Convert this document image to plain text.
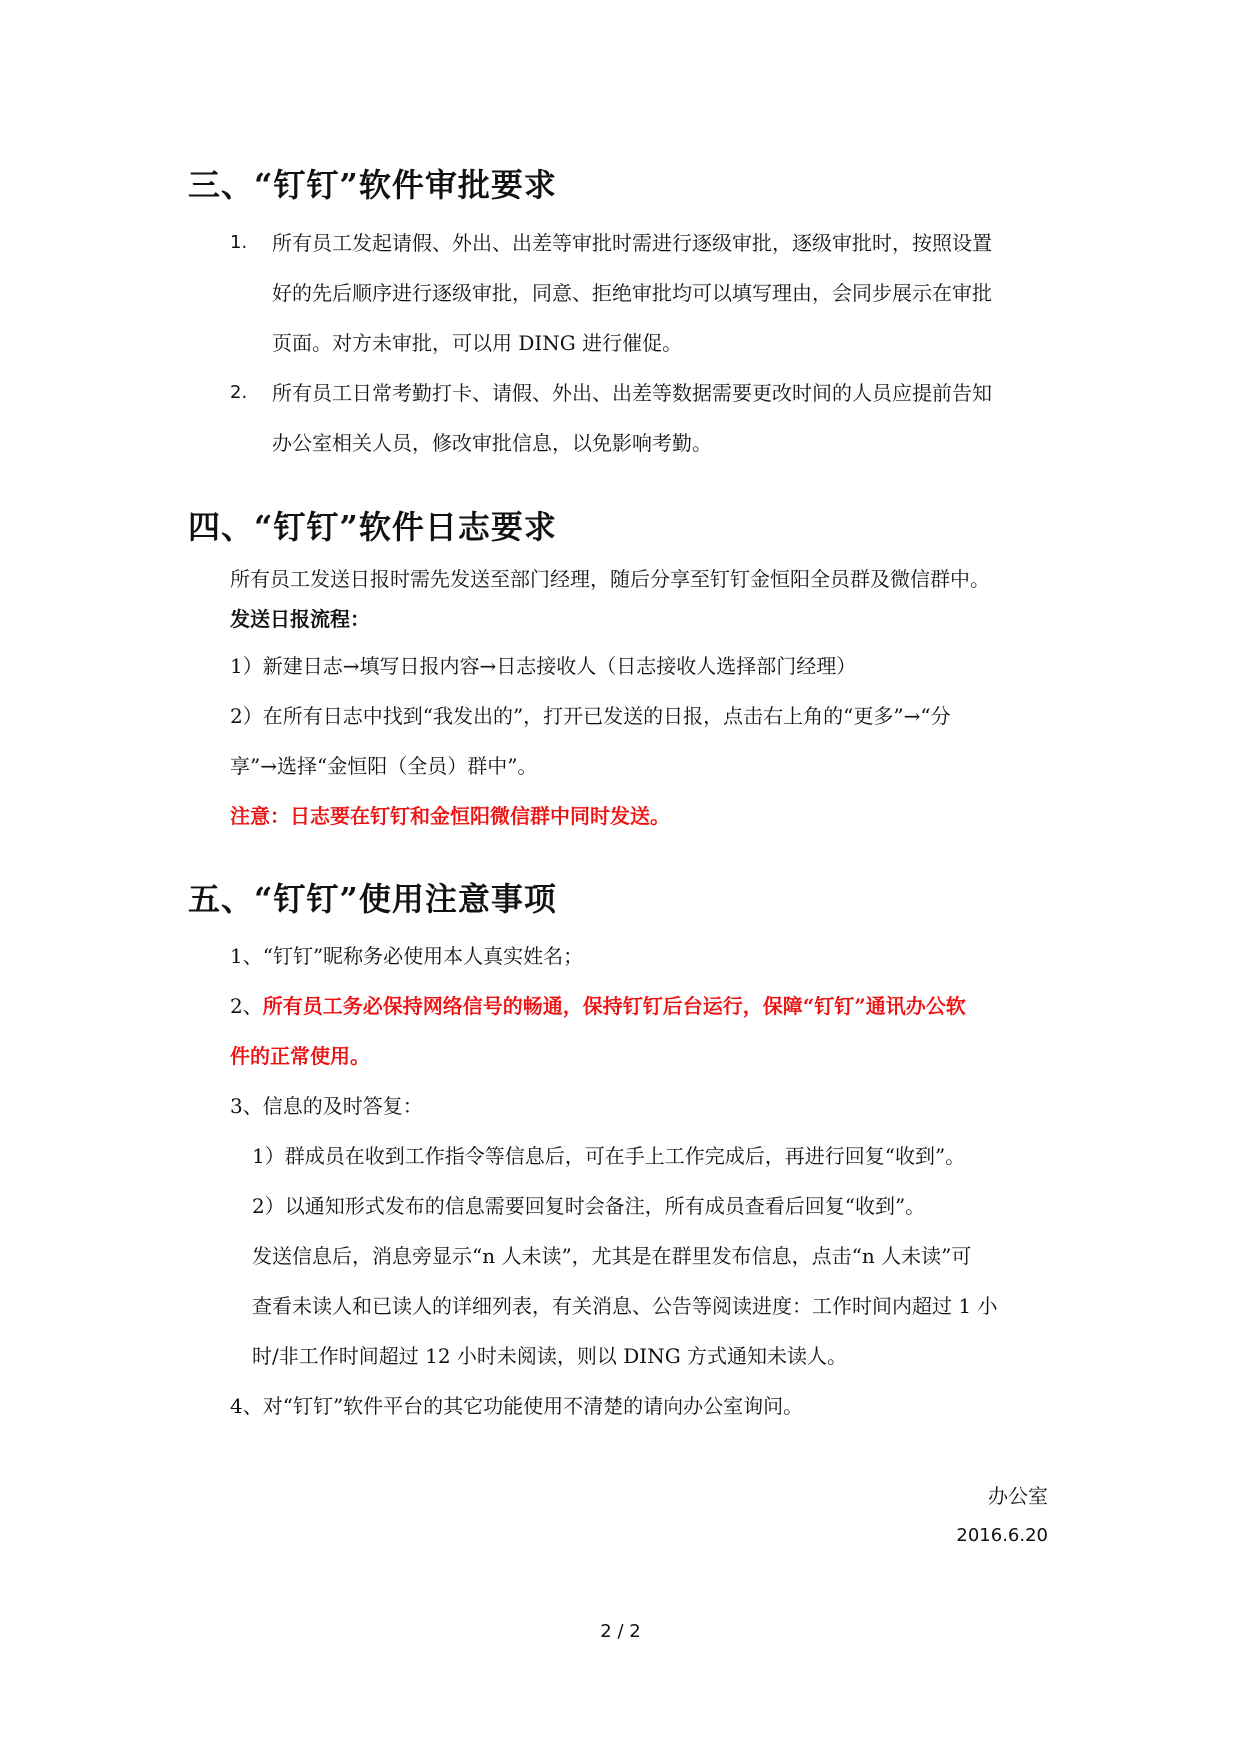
三、“钉钉”软件审批要求
1. 所有员工发起请假、外出、出差等审批时需进行逐级审批，逐级审批时，按照设置
好的先后顺序进行逐级审批，同意、拒绝审批均可以填写理由，会同步展示在审批
页面。对方未审批，可以用 DING 进行催促。
2. 所有员工日常考勤打卡、请假、外出、出差等数据需要更改时间的人员应提前告知
办公室相关人员，修改审批信息，以免影响考勤。
四、“钉钉”软件日志要求
所有员工发送日报时需先发送至部门经理，随后分享至钉钉金恒阳全员群及微信群中。
发送日报流程：
1）新建日志→填写日报内容→日志接收人（日志接收人选择部门经理）
2）在所有日志中找到“我发出的”，打开已发送的日报，点击右上角的“更多”→“分
享”→选择“金恒阳（全员）群中”。
注意：日志要在钉钉和金恒阳微信群中同时发送。
五、“钉钉”使用注意事项
1、“钉钉”昵称务必使用本人真实姓名；
2、所有员工务必保持网络信号的畅通，保持钉钉后台运行，保障“钉钉”通讯办公软
件的正常使用。
3、信息的及时答复：
1）群成员在收到工作指令等信息后，可在手上工作完成后，再进行回复“收到”。
2）以通知形式发布的信息需要回复时会备注，所有成员查看后回复“收到”。
发送信息后，消息旁显示“n 人未读”，尤其是在群里发布信息，点击“n 人未读”可
查看未读人和已读人的详细列表，有关消息、公告等阅读进度：工作时间内超过 1 小
时/非工作时间超过 12 小时未阅读，则以 DING 方式通知未读人。
4、对“钉钉”软件平台的其它功能使用不清楚的请向办公室询问。
办公室
2016.6.20
2 / 2
